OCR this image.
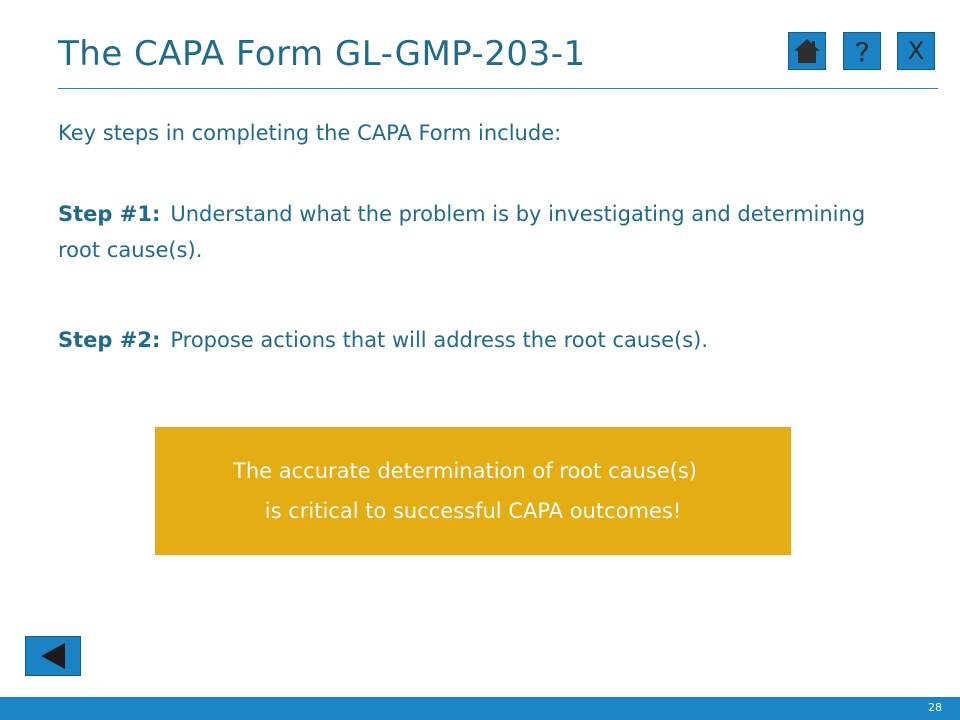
The CAPA Form GL-GMP-203-1	X
Key steps in completing the CAPA Form include:
Step #1: Understand what the problem is by investigating and determining root cause(s).
Step #2: Propose actions that will address the root cause(s).
The accurate determination of root cause(s)
is critical to successful CAPA outcomes!
28
